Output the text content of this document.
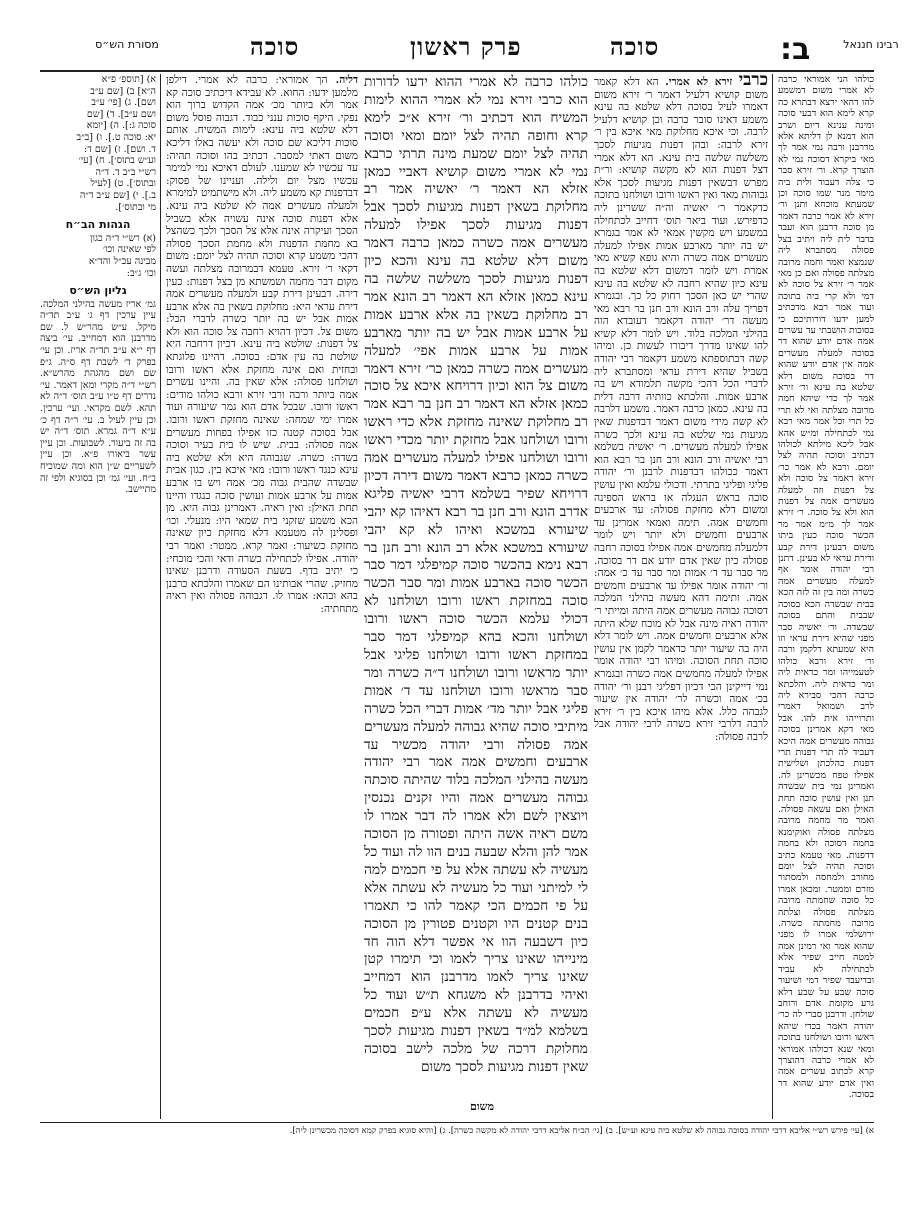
רבינו חננאל
ב:
סוכה
פרק ראשון
סוכה
מסורת הש״ס
כולהו הני אמוראי כרבה לא אמרי משום דמשמע להו דהאי ירצא דבתרא כה קרא לימא הוא דבעי סוכה ומינה ענינא דיום ושרב הוא דמנא לן דליתא אלא מדרבנן ורבה נמי אמר לך מאי ביקרא דסוכה נמי לא הוצרך קרא. ור׳ זירא סבר כי צלה דעבוד ולית ביה מימר מנר שמו סוכה וכן שמעתא מוכחא ותנן ור׳ זירא לא אמר כרבה דאמר מן סוכה דרבנן הוא ועבד בדבר לית ליה ויתיב בצל פסולה מסתברא ליה שנמצא ואמר וחמה מרובה מצלתה פסולה ואם כן מאי אמר ר׳ זירא צל סוכה לא דמי ולא קרי ביה בתוכה ועוד אמר רבא מדכתיב למען ידעו דורותיכם כי בסוכות הושבתי עד עשרים אמה אדם יודע שהוא דר בסוכה למעלה מעשרים אמה אין אדם יודע שהוא דר בסוכה משום דלא שלטא בה עינא ור׳ זירא אמר לך כדי שיהא חמה מרובה מצלתה ואי לא תרי כל תרי וכל אמר מאי רבא נמי לכתחילה ומ״ש אהא אבל ליכא מילתא לכולהו דכתיב וסוכה תהיה לצל יומם. ורבא לא אמר כר׳ זירא דאמר צל סוכה ולא צל דפנות וזה למעלה מעשרים אמה צל דפנות הוא ולא צל סוכה. ר׳ זירא אמר לך מ״מ אמר מר הכשר סוכה כעין ביתו משום דבעינן דירת קבע ודירת עראי לא בעינן. דתנן רבי יהודה אומר אף למעלה מעשרים אמה כשרה ומה בין זה לזה הכא בבית שבשדה הכא בסוכה שבבית והתם בסוכה שבשדה. ור׳ יאשיה סבר מפני שהיא דירת עראי וזו היא שמעתא דלקמן ורבה ור׳ זירא ורבא כולהו לטעמייהו ומר כדאית ליה ומר כדאית ליה. והלכתא כרבה דהכי סבירא ליה לרב ושמואל דאמרי ותרוייהו אית להו. אבל מאי דקא אמרינן בסוכה גבוהה מעשרים אמה היכא דעביד לה תרי דפנות תרי דפנות כהלכתן ושלישית אפילו טפח מכשרינן לה. ואמרינן נמי בית שבשדה תנן ואין עושין סוכה תחת האילן ואם עשאה פסולה. ואמר מר מחמה מרובה מצלתה פסולה ואוקימנא בחמה דסוכה ולא בחמה דדפנות. מאי טעמא כתיב וסוכה תהיה לצל יומם מחורב ולמחסה ולמסתור מזרם וממטר. ומכאן אמרו כל סוכה שחמתה מרובה מצלתה פסולה וצלתה מרובה מחמתה כשרה. ירושלמי אמרו לו מפני שהוא אמר ואי רמינן אמה למטה חייב שפיר אלא לכתחילה לא עביד ובדיעבד שפיר דמי ושיעור סוכה שבע על שבע דלא גרע מקומת אדם ורוחב שולחן. ודרבנן סברי לה כר׳ יהודה דאמר בכדי שיהא ראשו ורובו ושולחנו בתוכה ומאי שנא דכולהו אמוראי לא אמרי כרבה דהוצרך קרא לכתוב עשרים אמה ואין אדם יודע שהוא דר בסוכה.
כרבי זירא לא אמרי. הא דלא קאמר משום קושיא דלעיל דאמר ר׳ זירא משום דאמרו לעיל בסוכה דלא שלטא בה עינא משמע דאינו סובר כרבה וכן קושיא דלעיל לרבה. וכי איכא מחלוקת מאי איכא בין ר׳ זירא לרבה: ובהן דפנות מגיעות לסכך משלשה שלשה בית עינא. הא דלא אמרי דצל דפנות הוא לא מקשה קושיא: ור״ת מפרש דבשאין דפנות מגיעות לסכך אלא גבוהות מאד ואין ראשו ורובו ושולחנו בתוכה כדקאמר ר׳ יאשיה וה״ה ששרינן ליה כדפירש. ועוד ביאר תוס׳ דחייב לכתחילה במשמע ויש מקשין אמאי לא אמר בגמרא יש בה יותר מארבע אמות אפילו למעלה מעשרים אמה כשרה והיא גופא קשיא מאי אמרת ויש לומר דמשום דלא שלטא בה עינא כיון שהיא רחבה לא שלטא בה עינא שהרי יש כאן הסכך רחוק כל כך. ובגמרא דפריך עלה ורב הונא ורב חנן בר רבא מאי מעשה דר׳ יהודה דקאמר דעובדא הוה בהילני המלכה בלוד. ויש לומר דלא קשיא להו שאינו מדרך דיבורו לעשות כן. ומיהו קשה דבתוספתא משמע דקאמר רבי יהודה בשביל שהיא דירת עראי ומסתברא ליה לדברי הכל דהכי מקשה תלמודא ויש בה ארבע אמות. והלכתא כוותיה דרבה דלית בה עינא. כמאן כרבה דאמר. משמע דלרבה לא קשה מידי משום דאמר דבדפנות שאין מגיעות נמי שלטא בה עינא ולכך כשרה אפילו למעלה מעשרים. ר׳ יאשיה בשלמא רבי יאשיה ורב הונא ורב חנן בר רבא הוא דאמר ככולהו דבדפנות לרבנן ור׳ יהודה פליגי ופליגי בתרתי. ודכולי עלמא ואין עושין סוכה בראש העגלה או בראש הספינה ומשום דלא מחזקת פסולה: עד ארבעים וחמשים אמה. תימה ואמאי אמרינן עד ארבעים וחמשים ולא יותר ויש לומר דלמעלה מחמשים אמה אפילו בסוכה רחבה פסולה כיון שאין אדם יודע אם דר בסוכה. מר סבר עד ד׳ אמות ומר סבר עד כ׳ אמה: ור׳ יהודה אומר אפילו עד ארבעים וחמשים אמה. ותימה דהא מעשה בהילני המלכה דסוכה גבוהה מעשרים אמה היתה ומייתי ר׳ יהודה ראיה מינה אבל לא מוכח שלא היתה אלא ארבעים וחמשים אמה. ויש לומר דלא היה בה שיעור יותר כדאמר לקמן אין עושין סוכה תחת הסוכה. ומיהו רבי יהודה אומר אפילו למעלה מחמשים אמה כשרה ובגמרא נמי דייקינן הכי דכיון דפליגי רבנן ור׳ יהודה בכ׳ אמה וכשרה לר׳ יהודה אין שיעור לגבהה כלל. אלא מיהו איכא בין ר׳ זירא לרבה דלרבי זירא כשרה לרבי יהודה אבל לרבה פסולה:
כולהו כרבה לא אמרי ההוא ידעו לדורות הוא כרבי זירא נמי לא אמרי ההוא לימות המשיח הוא דכתיב ור׳ זירא א״כ לימא קרא וחופה תהיה לצל יומם ומאי וסוכה תהיה לצל יומם שמעת מינה תרתי כרבא נמי לא אמרי משום קושיא דאביי כמאן אזלא הא דאמר ר׳ יאשיה אמר רב מחלוקת בשאין דפנות מגיעות לסכך אבל דפנות מגיעות לסכך אפילו למעלה מעשרים אמה כשרה כמאן כרבה דאמר משום דלא שלטא בה עינא והכא כיון דפנות מגיעות לסכך משלשה שלשה בה עינא כמאן אזלא הא דאמר רב הונא אמר רב מחלוקת בשאין בה אלא ארבע אמות על ארבע אמות אבל יש בה יותר מארבע אמות על ארבע אמות אפי׳ למעלה מעשרים אמה כשרה כמאן כר׳ זירא דאמר משום צל הוא וכיון דרויחא איכא צל סוכה כמאן אזלא הא דאמר רב חנן בר רבא אמר רב מחלוקת שאינה מחזקת אלא כדי ראשו ורובו ושולחנו אבל מחזקת יותר מכדי ראשו ורובו ושולחנו אפילו למעלה מעשרים אמה כשרה כמאן כרבא דאמר משום דירה דכיון דרויחא שפיר בשלמא דרבי יאשיה פליגא אדרב הונא ורב חנן בר רבא דאיהו קא יהבי שיעורא במשכא ואיהו לא קא יהבי שיעורא במשכא אלא רב הונא ורב חנן בר רבא נימא בהכשר סוכה קמיפלגי דמר סבר הכשר סוכה בארבע אמות ומר סבר הכשר סוכה במחזקת ראשו ורובו ושולחנו לא דכולי עלמא הכשר סוכה ראשו ורובו ושולחנו והכא בהא קמיפלגי דמר סבר במחזקת ראשו ורובו ושולחנו פליגי אבל יותר מראשו ורובו ושולחנו ד״ה כשרה ומר סבר מראשו ורובו ושולחנו עד ד׳ אמות פליגי אבל יותר מד׳ אמות דברי הכל כשרה מיתיבי סוכה שהיא גבוהה למעלה מעשרים אמה פסולה ורבי יהודה מכשיר עד ארבעים וחמשים אמה אמר רבי יהודה מעשה בהילני המלכה בלוד שהיתה סוכתה גבוהה מעשרים אמה והיו זקנים נכנסין ויוצאין לשם ולא אמרו לה דבר אמרו לו משם ראיה אשה היתה ופטורה מן הסוכה אמר להן והלא שבעה בנים הוו לה ועוד כל מעשיה לא עשתה אלא על פי חכמים למה לי למיתני ועוד כל מעשיה לא עשתה אלא על פי חכמים הכי קאמר להו כי תאמרו בנים קטנים היו וקטנים פטורין מן הסוכה כיון דשבעה הוו אי אפשר דלא הוה חד מינייהו שאינו צריך לאמו וכי תימרו קטן שאינו צריך לאמו מדרבנן הוא דמחייב ואיהי בדרבנן לא משגחא ת״ש ועוד כל מעשיה לא עשתה אלא ע״פ חכמים בשלמא למ״ד בשאין דפנות מגיעות לסכך מחלוקת דרכה של מלכה לישב בסוכה שאין דפנות מגיעות לסכך משום
משום
דליה. הך אמוראי: כרבה לא אמרי. דילפן מלמען ידעו: החוא. לא עבידא דיכתיב סוכה קא אמר ולא ביותר מכ׳ אמה הקדוש ברוך הוא נפקי. היקף סוכות ענני כבוד. דגבוה פוסל משום דלא שלטא ביה עינא: לימות המשיח. אותם סוכות דליכא שם סוכה ולא יעשה באלו דליכא משום דאתי למסבר. דכתיב בהו וסוכה תהיה: עד עכשיו לא שמענו. לעולם דאיכא נמי למימר עכשיו מצל יום ולילה. ועניינו של פסוק: דבדפנות קא משמע ליה. ולא מישתמיט למימרא ולמעלה מעשרים אמה לא שלטא ביה עינא. אלא דפנות סוכה אינה עשויה אלא בשביל הסכך ועיקרה אינה אלא צל הסכך ולכך כשהצל בא מחמת הדפנות ולא מחמת הסכך פסולה דהכי משמע קרא וסוכה תהיה לצל יומם: משום דקאי ר׳ זירא. טעמא דבמרובה מצלתה ועשה מקום דבר מחמה ושמשתא מן בצל דפנות: כעין דירה. דבעינן דירת קבע ולמעלה מעשרים אמה דירת עראי היא: מחלוקת בשאין בה אלא ארבע אמות אבל יש בה יותר כשרה לדברי הכל: משום צל. דכיון דהויא רחבה צל סוכה הוא ולא צל דפנות: שולטא ביה עינא. דכיון דרחבה היא שולטת בה עין אדם: בסוכה. דהיינו פלוגתא ובחזית ואם אינה מחזקת אלא ראשו ורובו ושולחנו פסולה: אלא שאין בה. והיינו עשרים אמה ביותר ורבה ורבי זירא ורבא כולהו מודים: ראשו ורובו. שבכל אדם הוא גמר שיעורה ועוד אמרו ימי שמחה: שאינה מחזקת ראשו ורובו. אבל בסוכה קטנה כזו אפילו בפחות מעשרים אמה פסולה: בבית. שיש לו בית בעיר וסוכה בשדה: כשרה. שגבוהה היא ולא שלטא ביה עינא כנגד ראשו ורובו: מאי איכא בין. כגון אבית שבשדה שהבית גבוה מכ׳ אמה ויש בו ארבע אמות על ארבע אמות ועושין סוכה כנגדו והיינו תחת האילן: ואין ראיה. דאמרינן גבוה היא. מן הכא משמע שזקני בית שמאי היו: מנעלי. וכו׳ ופסלינן לה מטעמא דלא מחזקת כיון שאינה מחזקת כשיעור: ואמר קרא. ממטר: ואמר רבי יהודה. אפילו לכתחילה כשרה ודאי והכי מוכחי: כי יתיב בדף. בשעת הסעודה ודרבנן שאינו מחזיק. שהרי אבותינו הם שאמרו והלכתא כרבנן בהא ובהא: אמרו לו. דגבוהה פסולה ואין ראיה מתחתיה:
א) [תוספ׳ פ״א
ה״א] ב) [שם ע״ב
ושם]. ג) [פי׳ ע״ב
ושם ע״ב]. ד) [שם
סוכה ג:]. ה) [יומא
יא: סוכה ט.]. ו) [ב״ב
ד. ושם]. ז) [שם ד:
וע״ש בתוס׳]. ח) [עי׳
רש״י ב״ב ד. ד״ה
ובתוס׳]. ט) [לעיל
ב.]. י) [שם ע״ב ד״ה
מי ובתוס׳].
הגהות הב״ח
(א) רש״י ד״ה כגון
לפי שאינה וכו׳
מבינה עכ״ל והד״א
וכו׳ ג״ב:
גליון הש״ס
גמ׳ אריז מעשה בהילני המלכה. עיין ערכין דף ג׳ ע״ב תד״ה מיקל. ע״ש מהר״ש ל. שם מדרבנן הוא דמחייב. עי׳ ביצה דף י״א ע״ב תד״ה אריז. וכן עי׳ בפרק ד׳ לשבת דף ס״ה. ג״פ שם ושם מהגהת מהרש״א. רש״י ד״ה מקרי ומאן דאמר. עי׳ נדרים דף ט״ו ע״ב תוס׳ ד״ה לא תהא. לשם מקראי. ועי׳ ערכין. וכן עיין לעיל ב. עי׳ ר״ה דף כ׳ ע״א ד״ה גמרא. תוס׳ ד״ה יש בה זה ביעור. לשבועות. וכן עיין עשר ביאורו פ״א. וכן עיין לשעריים ש״ן הוא ומה שמוכיח ב״ח. ועי׳ גמ׳ וכן בסוגיא ולפי זה מתיישב.
א) [עי׳ פירש רש״י אליבא דרבי יהודה בסוכה גבוהה לא שלטא ביה עינא וע״ש]. ב) [גי׳ הב״ח אליבא דרבי יהודה לא מקשה כשרה]. ג) [והיא סוגיא בפרק קמא דסוכה מכשרינן ליה].
